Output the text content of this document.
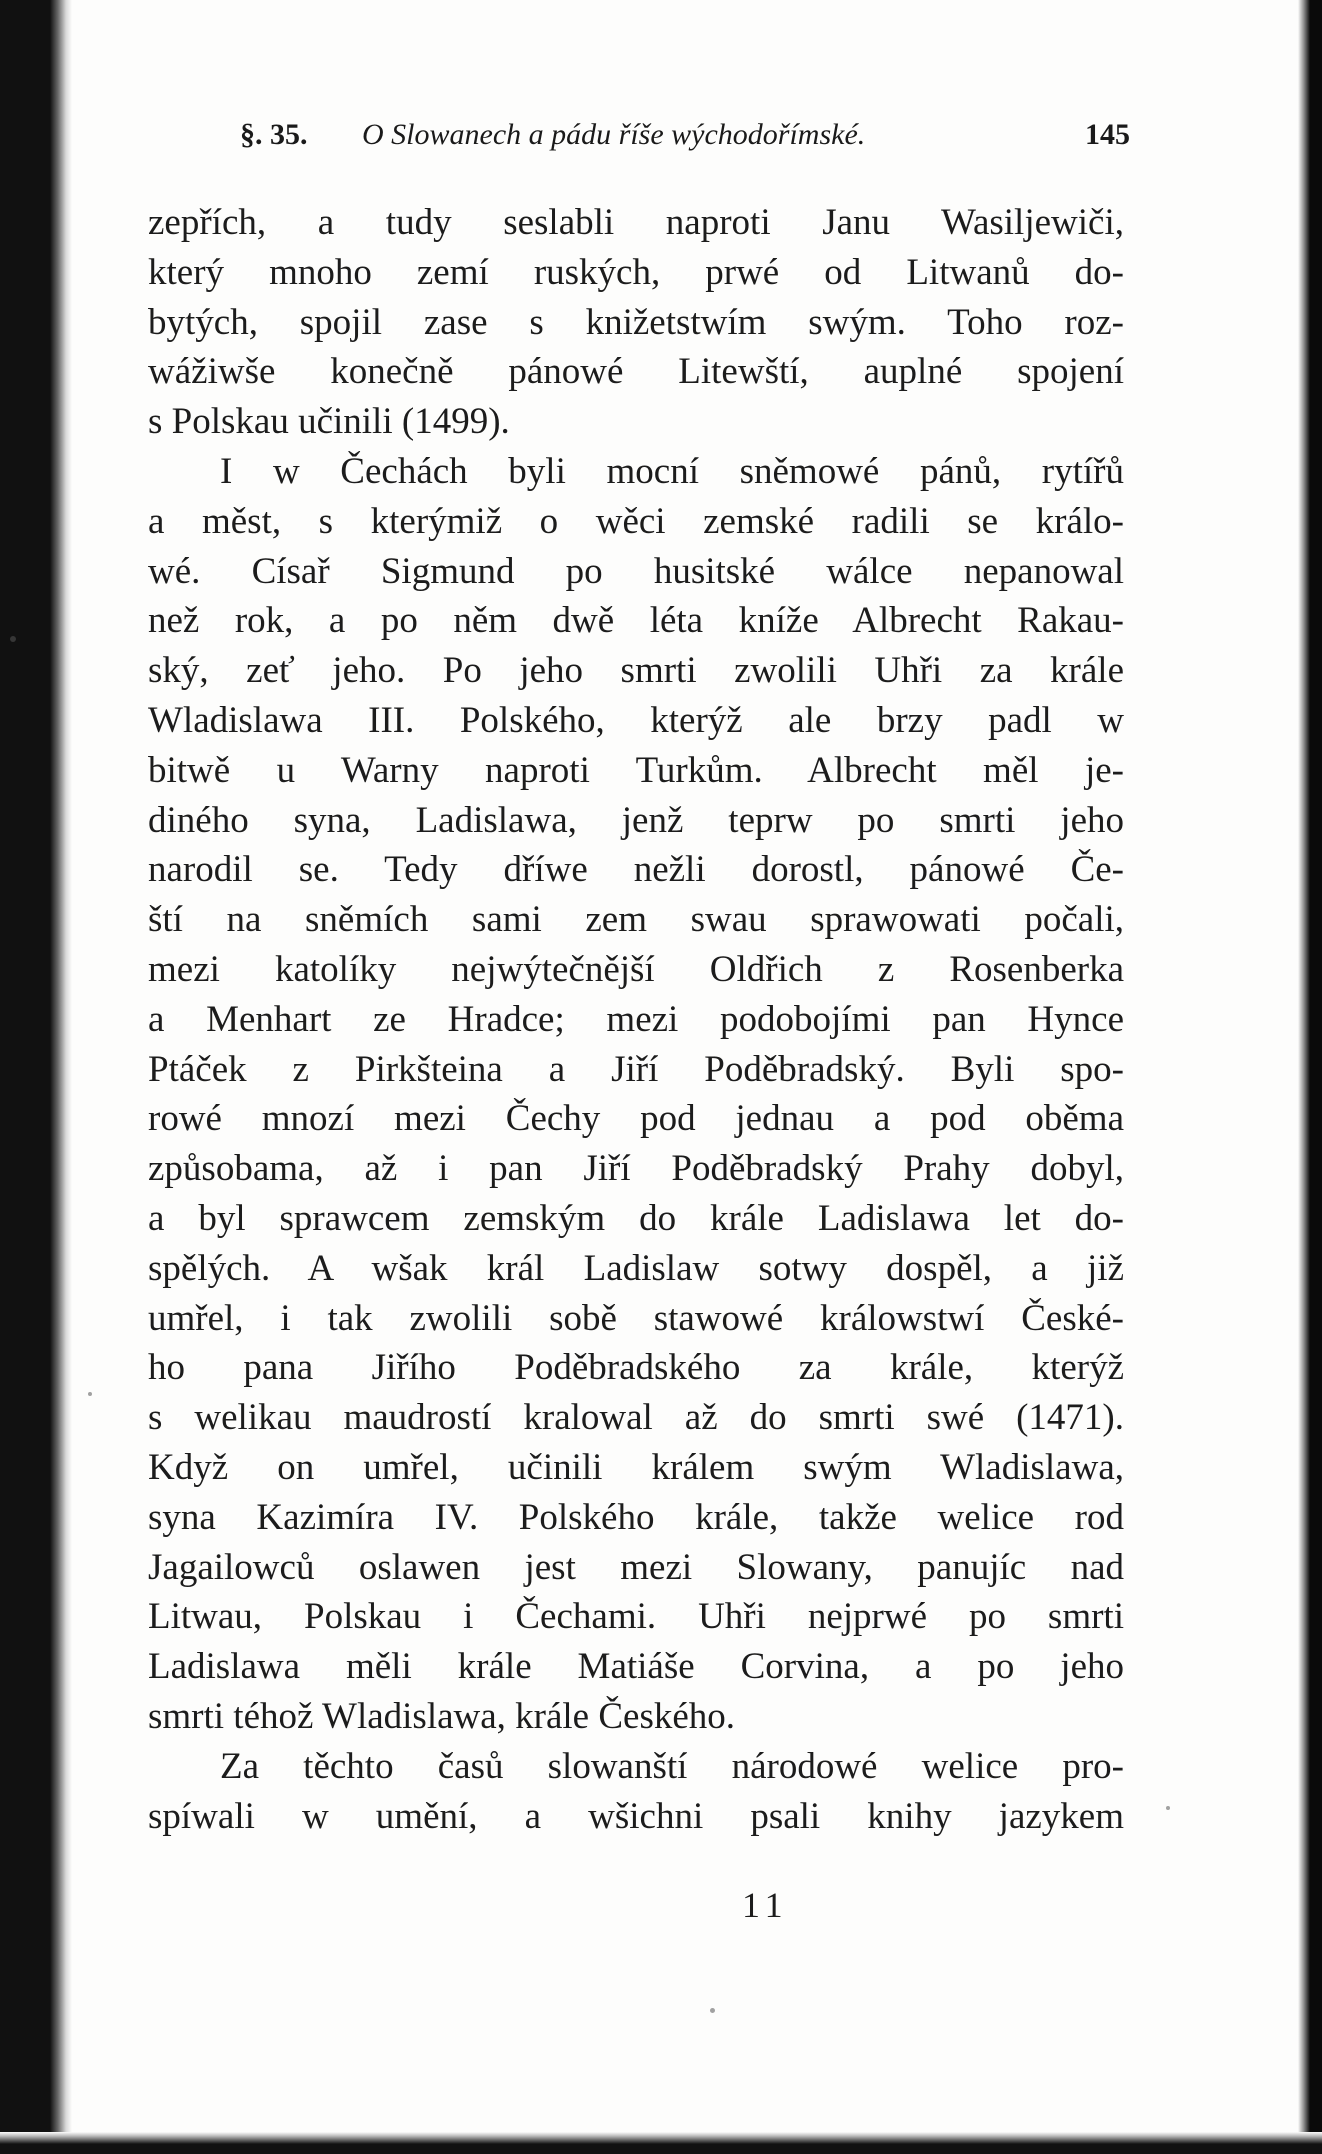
§. 35. O Slowanech a pádu říše wýchodořímské.	145
zepřích, a tudy seslabli naproti Janu Wasiljewiči,
který mnoho zemí ruských, prwé od Litwanů do-
bytých, spojil zase s knižetstwím swým. Toho roz-
wážiwše konečně pánowé Litewští, auplné spojení
s Polskau učinili (1499).
I w Čechách byli mocní sněmowé pánů, rytířů
a měst, s kterýmiž o wěci zemské radili se králo-
wé. Císař Sigmund po husitské wálce nepanowal
než rok, a po něm dwě léta kníže Albrecht Rakau-
ský, zeť jeho. Po jeho smrti zwolili Uhři za krále
Wladislawa III. Polského, kterýž ale brzy padl w
bitwě u Warny naproti Turkům. Albrecht měl je-
diného syna, Ladislawa, jenž teprw po smrti jeho
narodil se. Tedy dříwe nežli dorostl, pánowé Če-
ští na sněmích sami zem swau sprawowati počali,
mezi katolíky nejwýtečnější Oldřich z Rosenberka
a Menhart ze Hradce; mezi podobojími pan Hynce
Ptáček z Pirkšteina a Jiří Poděbradský. Byli spo-
rowé mnozí mezi Čechy pod jednau a pod oběma
způsobama, až i pan Jiří Poděbradský Prahy dobyl,
a byl sprawcem zemským do krále Ladislawa let do-
spělých. A wšak král Ladislaw sotwy dospěl, a již
umřel, i tak zwolili sobě stawowé králowstwí České-
ho pana Jiřího Poděbradského za krále, kterýž
s welikau maudrostí kralowal až do smrti swé (1471).
Když on umřel, učinili králem swým Wladislawa,
syna Kazimíra IV. Polského krále, takže welice rod
Jagailowců oslawen jest mezi Slowany, panujíc nad
Litwau, Polskau i Čechami. Uhři nejprwé po smrti
Ladislawa měli krále Matiáše Corvina, a po jeho
smrti téhož Wladislawa, krále Českého.
Za těchto časů slowanští národowé welice pro-
spíwali w umění, a wšichni psali knihy jazykem
11
